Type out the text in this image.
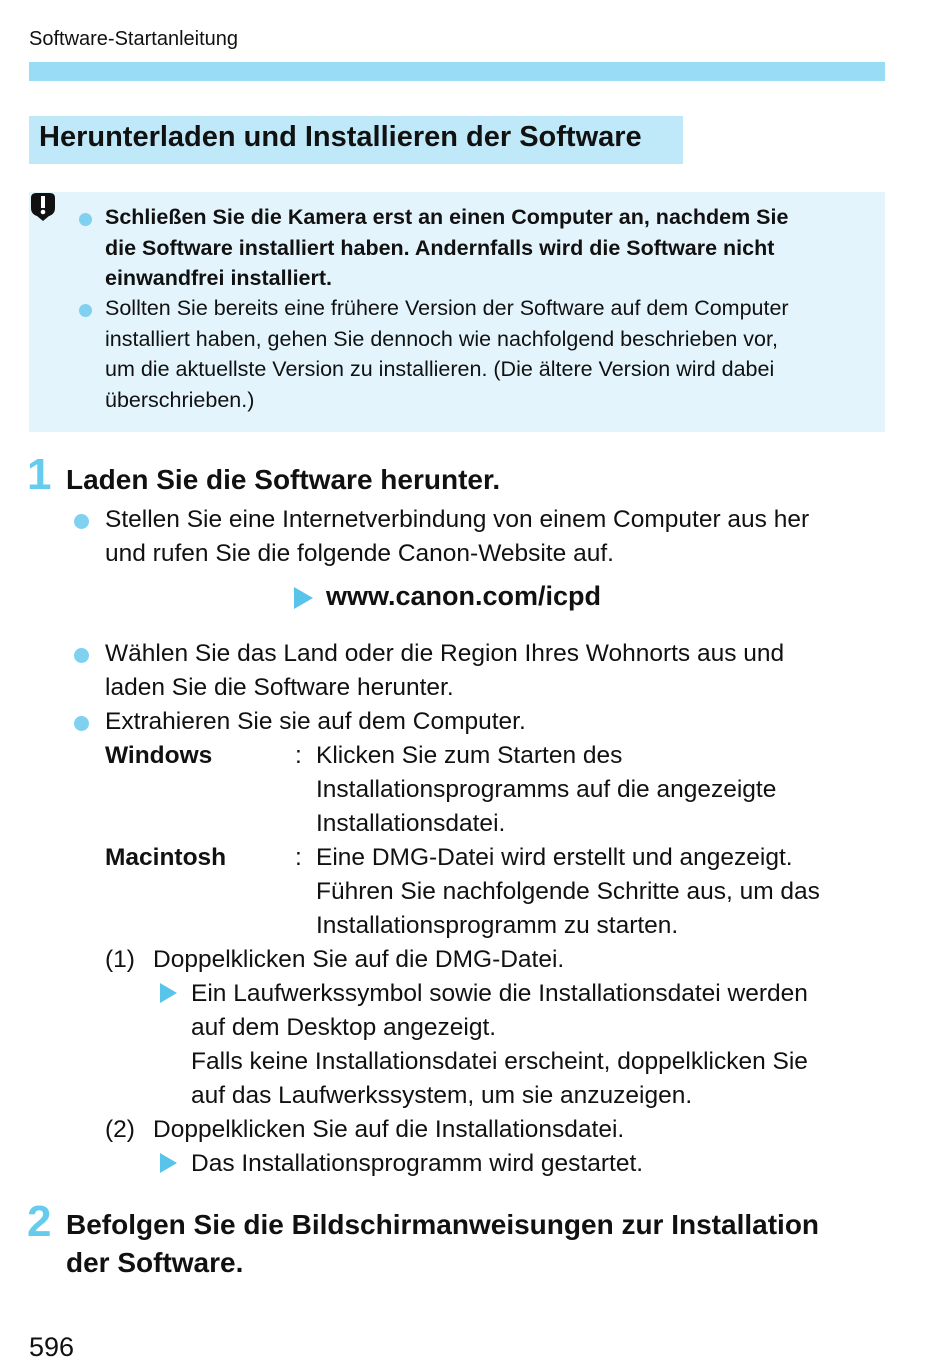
Software-Startanleitung
Herunterladen und Installieren der Software
Schließen Sie die Kamera erst an einen Computer an, nachdem Sie
die Software installiert haben. Andernfalls wird die Software nicht
einwandfrei installiert.
Sollten Sie bereits eine frühere Version der Software auf dem Computer
installiert haben, gehen Sie dennoch wie nachfolgend beschrieben vor,
um die aktuellste Version zu installieren. (Die ältere Version wird dabei
überschrieben.)
1 Laden Sie die Software herunter.
Stellen Sie eine Internetverbindung von einem Computer aus her
und rufen Sie die folgende Canon-Website auf.
www.canon.com/icpd
Wählen Sie das Land oder die Region Ihres Wohnorts aus und
laden Sie die Software herunter.
Extrahieren Sie sie auf dem Computer.
Windows	: Klicken Sie zum Starten des
Installationsprogramms auf die angezeigte
Installationsdatei.
Macintosh	: Eine DMG-Datei wird erstellt und angezeigt.
Führen Sie nachfolgende Schritte aus, um das
Installationsprogramm zu starten.
(1) Doppelklicken Sie auf die DMG-Datei.
Ein Laufwerkssymbol sowie die Installationsdatei werden
auf dem Desktop angezeigt.
Falls keine Installationsdatei erscheint, doppelklicken Sie
auf das Laufwerkssystem, um sie anzuzeigen.
(2) Doppelklicken Sie auf die Installationsdatei.
Das Installationsprogramm wird gestartet.
2 Befolgen Sie die Bildschirmanweisungen zur Installation
der Software.
596
